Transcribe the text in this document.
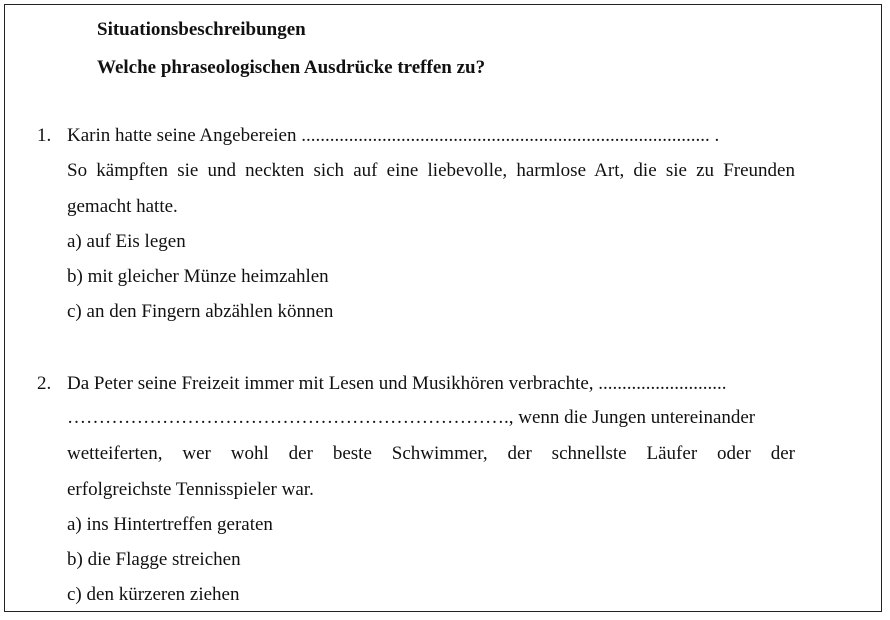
Situationsbeschreibungen
Welche phraseologischen Ausdrücke treffen zu?
1. Karin hatte seine Angebereien ...................................................................................... .
So kämpften sie und neckten sich auf eine liebevolle, harmlose Art, die sie zu Freunden
gemacht hatte.
a) auf Eis legen
b) mit gleicher Münze heimzahlen
c) an den Fingern abzählen können
2. Da Peter seine Freizeit immer mit Lesen und Musikhören verbrachte, ...........................
……………………………………………………………., wenn die Jungen untereinander
wetteiferten, wer wohl der beste Schwimmer, der schnellste Läufer oder der
erfolgreichste Tennisspieler war.
a) ins Hintertreffen geraten
b) die Flagge streichen
c) den kürzeren ziehen
